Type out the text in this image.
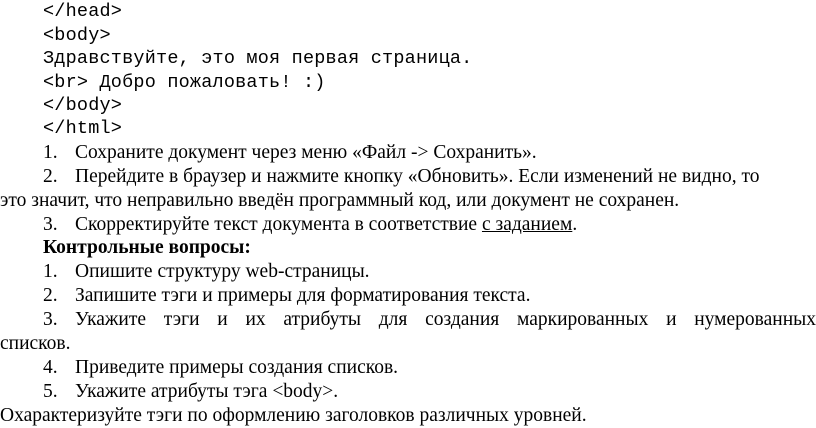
</head>
<body>
Здравствуйте, это моя первая страница.
<br> Добро пожаловать! :)
</body>
</html>
1. Сохраните документ через меню «Файл -> Сохранить».
2. Перейдите в браузер и нажмите кнопку «Обновить». Если изменений не видно, то
это значит, что неправильно введён программный код, или документ не сохранен.
3. Скорректируйте текст документа в соответствие с заданием.
Контрольные вопросы:
1. Опишите структуру web-страницы.
2. Запишите тэги и примеры для форматирования текста.
3. Укажите тэги и их атрибуты для создания маркированных и нумерованных
списков.
4. Приведите примеры создания списков.
5. Укажите атрибуты тэга <body>.
Охарактеризуйте тэги по оформлению заголовков различных уровней.
